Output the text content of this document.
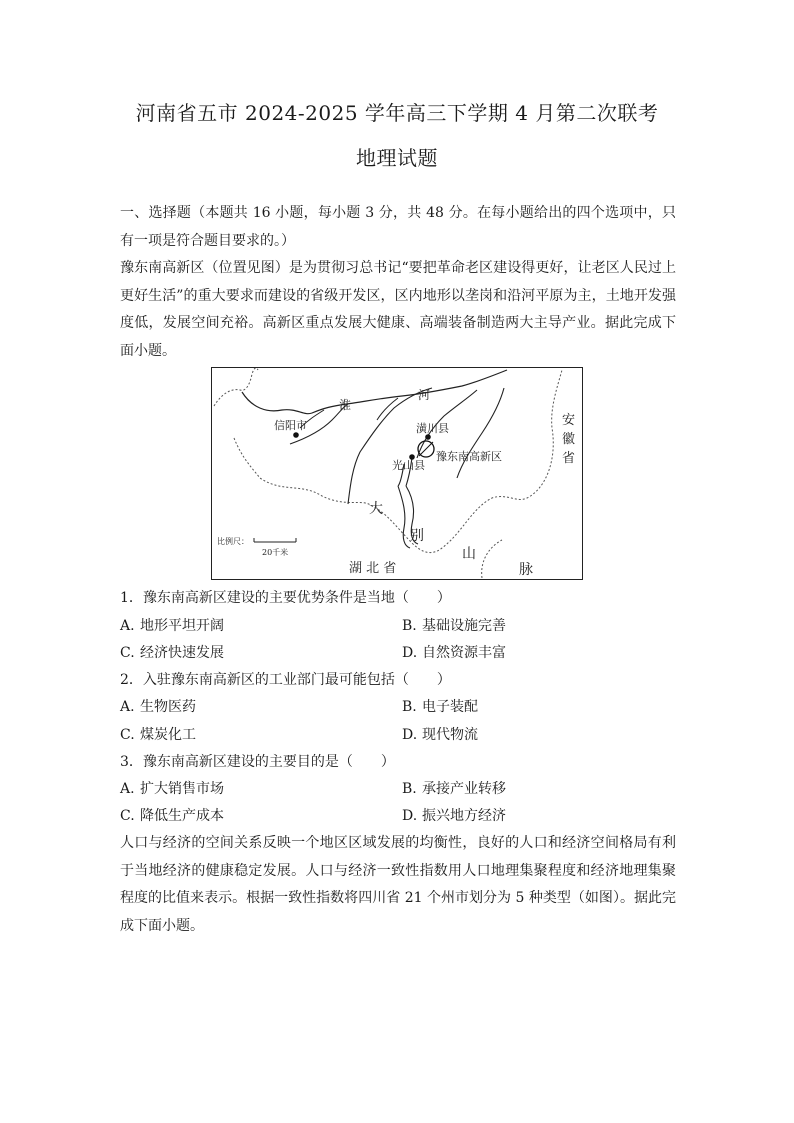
河南省五市 2024-2025 学年高三下学期 4 月第二次联考
地理试题
一、选择题（本题共 16 小题，每小题 3 分，共 48 分。在每小题给出的四个选项中，只有一项是符合题目要求的。）
豫东南高新区（位置见图）是为贯彻习总书记“要把革命老区建设得更好，让老区人民过上更好生活”的重大要求而建设的省级开发区，区内地形以垄岗和沿河平原为主，土地开发强度低，发展空间充裕。高新区重点发展大健康、高端装备制造两大主导产业。据此完成下面小题。
信阳市
淮
河
潢川县
光山县
豫东南高新区
安
徽
省
大
别
山
脉
湖 北 省
比例尺：
20千米
1．豫东南高新区建设的主要优势条件是当地（　　）
A. 地形平坦开阔	B. 基础设施完善
C. 经济快速发展	D. 自然资源丰富
2．入驻豫东南高新区的工业部门最可能包括（　　）
A. 生物医药	B. 电子装配
C. 煤炭化工	D. 现代物流
3．豫东南高新区建设的主要目的是（　　）
A. 扩大销售市场	B. 承接产业转移
C. 降低生产成本	D. 振兴地方经济
人口与经济的空间关系反映一个地区区域发展的均衡性，良好的人口和经济空间格局有利于当地经济的健康稳定发展。人口与经济一致性指数用人口地理集聚程度和经济地理集聚程度的比值来表示。根据一致性指数将四川省 21 个州市划分为 5 种类型（如图）。据此完成下面小题。
